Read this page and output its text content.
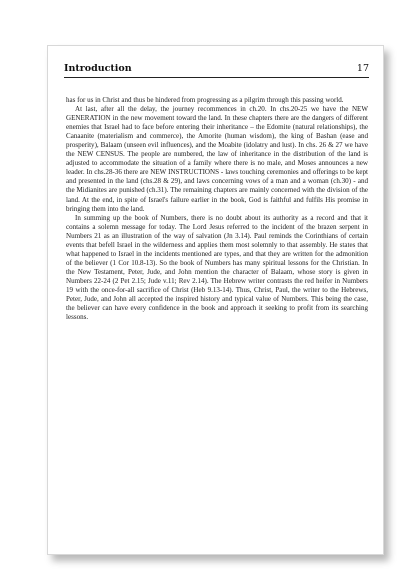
Introduction	17

has for us in Christ and thus be hindered from progressing as a pilgrim through this passing world.

At last, after all the delay, the journey recommences in ch.20. In chs.20-25 we have the NEW GENERATION in the new movement toward the land. In these chapters there are the dangers of different enemies that Israel had to face before entering their inheritance – the Edomite (natural relationships), the Canaanite (materialism and commerce), the Amorite (human wisdom), the king of Bashan (ease and prosperity), Balaam (unseen evil influences), and the Moabite (idolatry and lust). In chs. 26 & 27 we have the NEW CENSUS. The people are numbered, the law of inheritance in the distribution of the land is adjusted to accommodate the situation of a family where there is no male, and Moses announces a new leader. In chs.28-36 there are NEW INSTRUCTIONS - laws touching ceremonies and offerings to be kept and presented in the land (chs.28 & 29), and laws concerning vows of a man and a woman (ch.30) - and the Midianites are punished (ch.31). The remaining chapters are mainly concerned with the division of the land. At the end, in spite of Israel's failure earlier in the book, God is faithful and fulfils His promise in bringing them into the land.

In summing up the book of Numbers, there is no doubt about its authority as a record and that it contains a solemn message for today. The Lord Jesus referred to the incident of the brazen serpent in Numbers 21 as an illustration of the way of salvation (Jn 3.14). Paul reminds the Corinthians of certain events that befell Israel in the wilderness and applies them most solemnly to that assembly. He states that what happened to Israel in the incidents mentioned are types, and that they are written for the admonition of the believer (1 Cor 10.8-13). So the book of Numbers has many spiritual lessons for the Christian. In the New Testament, Peter, Jude, and John mention the character of Balaam, whose story is given in Numbers 22-24 (2 Pet 2.15; Jude v.11; Rev 2.14). The Hebrew writer contrasts the red heifer in Numbers 19 with the once-for-all sacrifice of Christ (Heb 9.13-14). Thus, Christ, Paul, the writer to the Hebrews, Peter, Jude, and John all accepted the inspired history and typical value of Numbers. This being the case, the believer can have every confidence in the book and approach it seeking to profit from its searching lessons.
